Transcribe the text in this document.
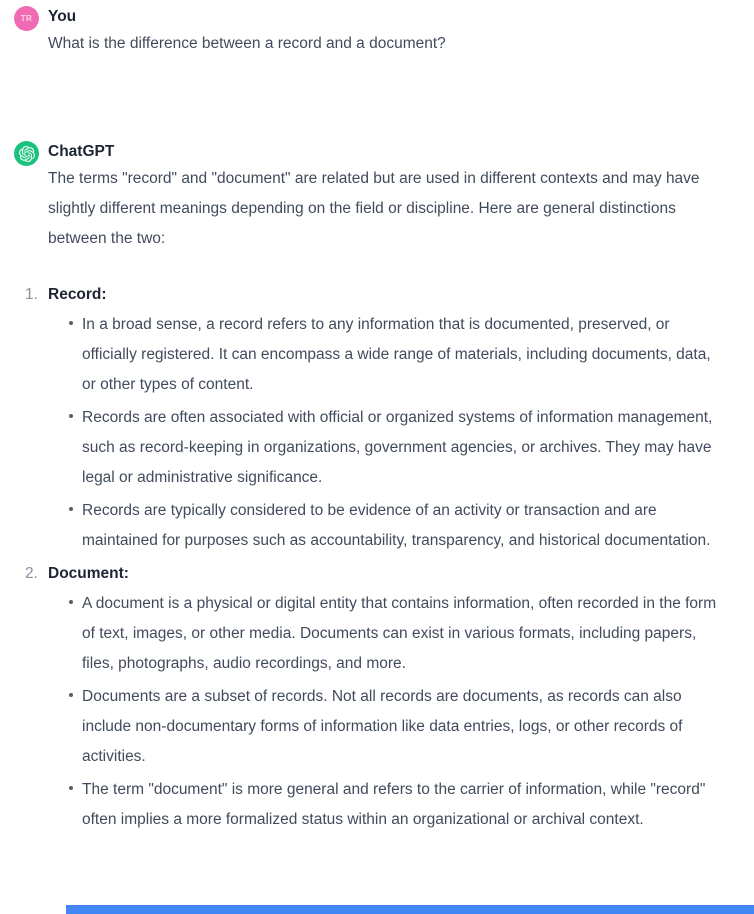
TR You
What is the difference between a record and a document?
ChatGPT

The terms "record" and "document" are related but are used in different contexts and may have slightly different meanings depending on the field or discipline. Here are general distinctions between the two:

1. Record:
In a broad sense, a record refers to any information that is documented, preserved, or officially registered. It can encompass a wide range of materials, including documents, data, or other types of content.
Records are often associated with official or organized systems of information management, such as record-keeping in organizations, government agencies, or archives. They may have legal or administrative significance.
Records are typically considered to be evidence of an activity or transaction and are maintained for purposes such as accountability, transparency, and historical documentation.
2. Document:
A document is a physical or digital entity that contains information, often recorded in the form of text, images, or other media. Documents can exist in various formats, including papers, files, photographs, audio recordings, and more.
Documents are a subset of records. Not all records are documents, as records can also include non-documentary forms of information like data entries, logs, or other records of activities.
The term "document" is more general and refers to the carrier of information, while "record" often implies a more formalized status within an organizational or archival context.
